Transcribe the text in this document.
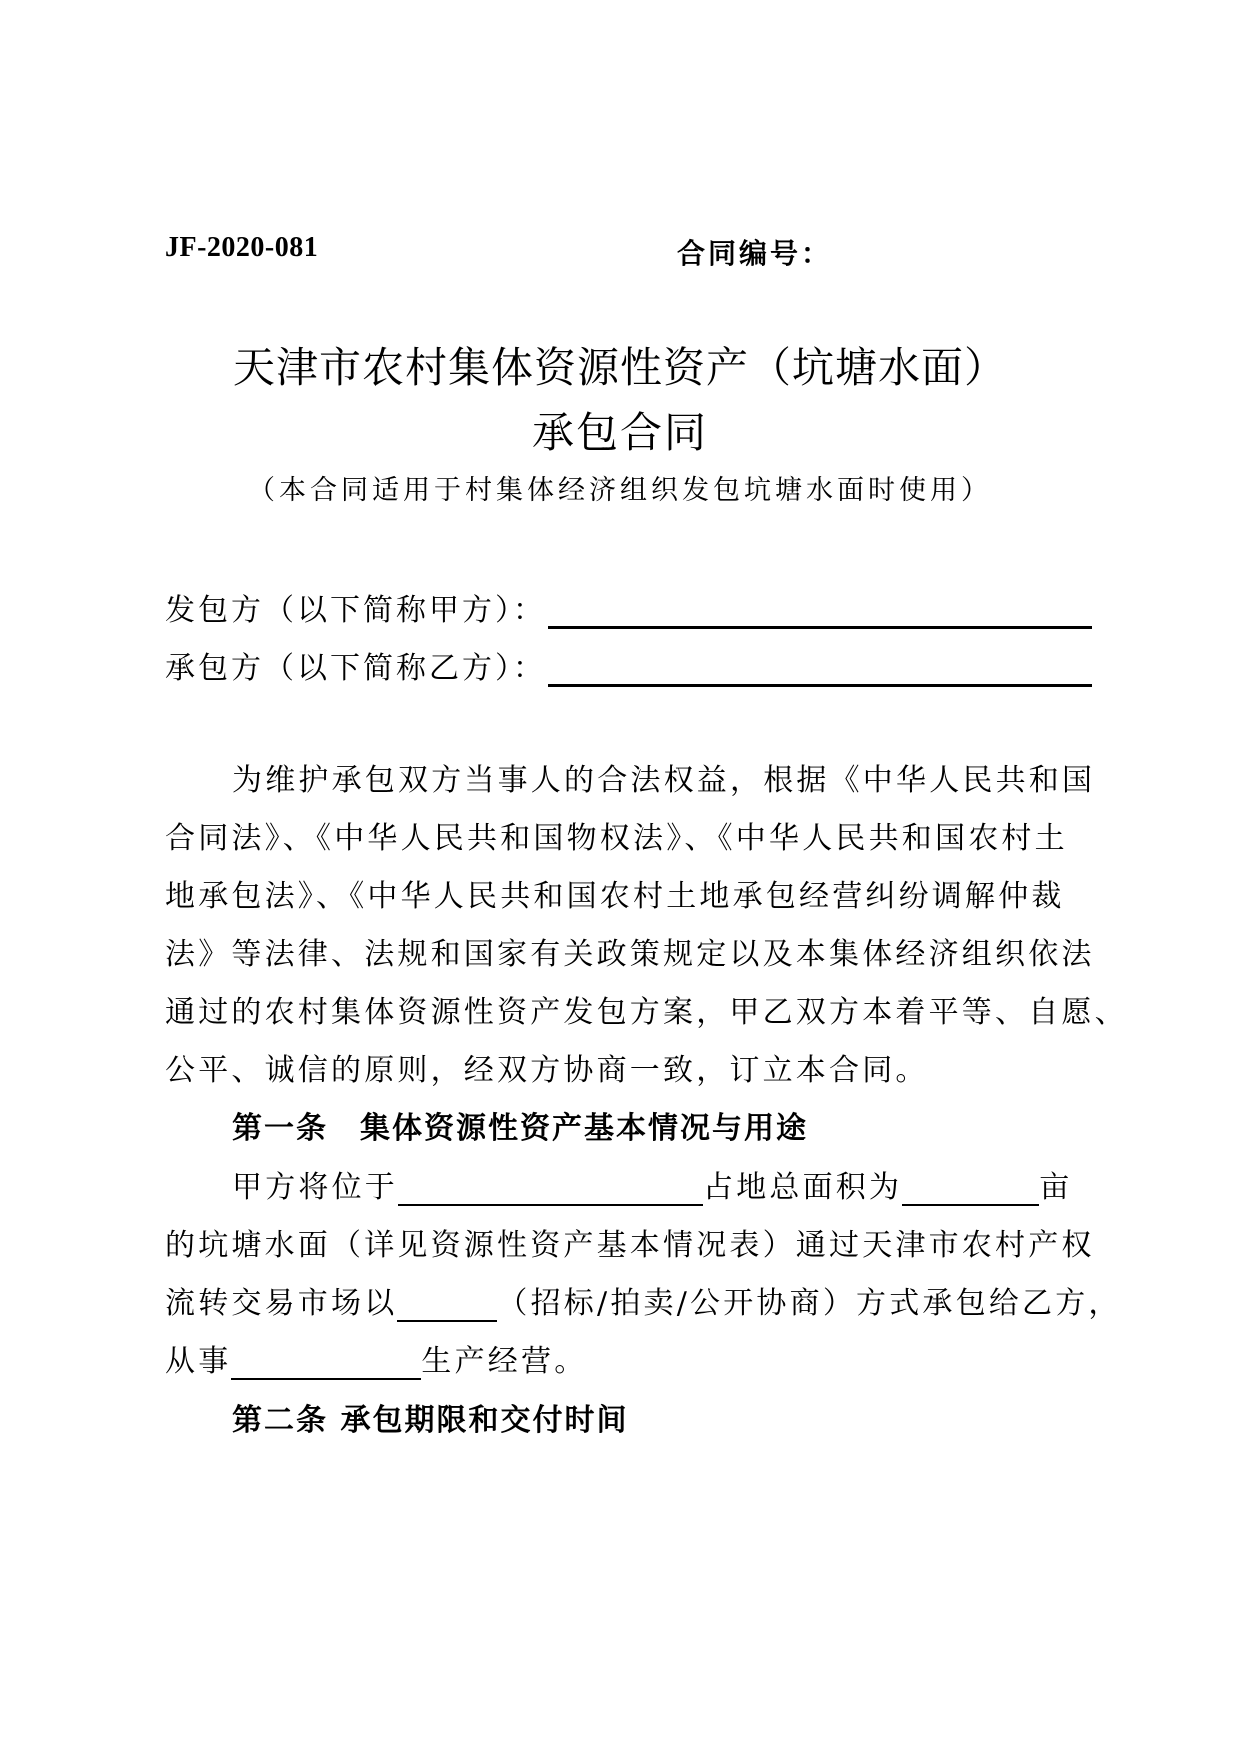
JF-2020-081	合同编号：
天津市农村集体资源性资产（坑塘水面）
承包合同
（本合同适用于村集体经济组织发包坑塘水面时使用）
发包方（以下简称甲方）：
承包方（以下简称乙方）：
为维护承包双方当事人的合法权益，根据《中华人民共和国
合同法》、《中华人民共和国物权法》、《中华人民共和国农村土
地承包法》、《中华人民共和国农村土地承包经营纠纷调解仲裁
法》等法律、法规和国家有关政策规定以及本集体经济组织依法
通过的农村集体资源性资产发包方案，甲乙双方本着平等、自愿、
公平、诚信的原则，经双方协商一致，订立本合同。
第一条　集体资源性资产基本情况与用途
甲方将位于	占地总面积为	亩
的坑塘水面（详见资源性资产基本情况表）通过天津市农村产权
流转交易市场以	（招标/拍卖/公开协商）方式承包给乙方，
从事	生产经营。
第二条 承包期限和交付时间
